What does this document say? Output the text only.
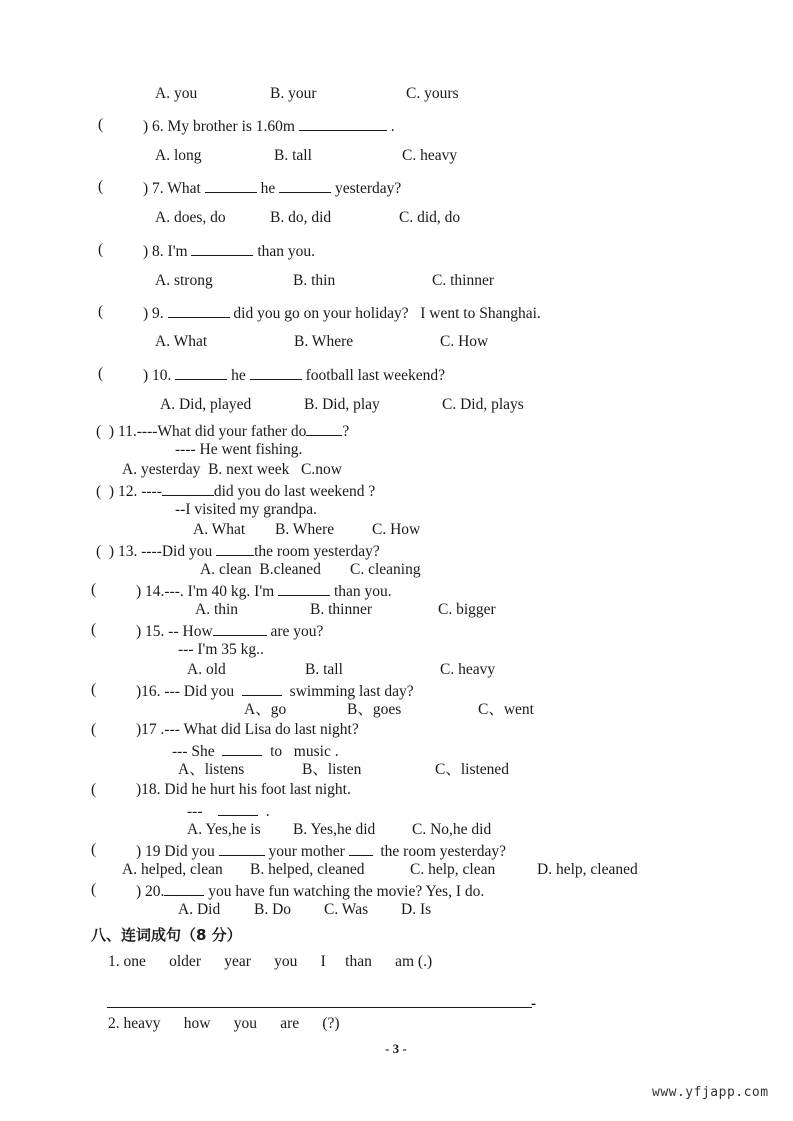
A. you	B. your	C. yours
(	) 6. My brother is 1.60m	.
A. long	B. tall	C. heavy
(	) 7. What	he	yesterday?
A. does, do	B. do, did	C. did, do
(	) 8. I'm	than you.
A. strong	B. thin	C. thinner
(	) 9.	did you go on your holiday? I went to Shanghai.
A. What	B. Where	C. How
(	) 10.	he	football last weekend?
A. Did, played	B. Did, play	C. Did, plays
( ) 11.----What did your father do ?
---- He went fishing.
A. yesterday  B. next week   C.now
( ) 12. ----	did you do last weekend ?
--I visited my grandpa.
A. What B. Where C. How
( ) 13. ----Did you	the room yesterday?
A. clean  B.cleaned C. cleaning
(	) 14.---. I'm 40 kg. I'm	than you.
A. thin	B. thinner	C. bigger
(	) 15. -- How	are you?
--- I'm 35 kg..
A. old	B. tall	C. heavy
(	)16. --- Did you	swimming last day?
A、go	B、goes	C、went
(	)17 .--- What did Lisa do last night?
--- She	to   music .
A、listens	B、listen	C、listened
(	)18. Did he hurt his foot last night.
---	.
A. Yes,he is B. Yes,he did C. No,he did
(	) 19 Did you	your mother the room yesterday?
A. helped, clean B. helped, cleaned	C. help, clean	D. help, cleaned
(	) 20.	you have fun watching the movie? Yes, I do.
A. Did B. Do C. Was D. Is
八、连词成句（8 分）
1. one      older      year      you      I     than      am (.)
-
2. heavy      how      you      are      (?)
- 3 -
www.yfjapp.com
